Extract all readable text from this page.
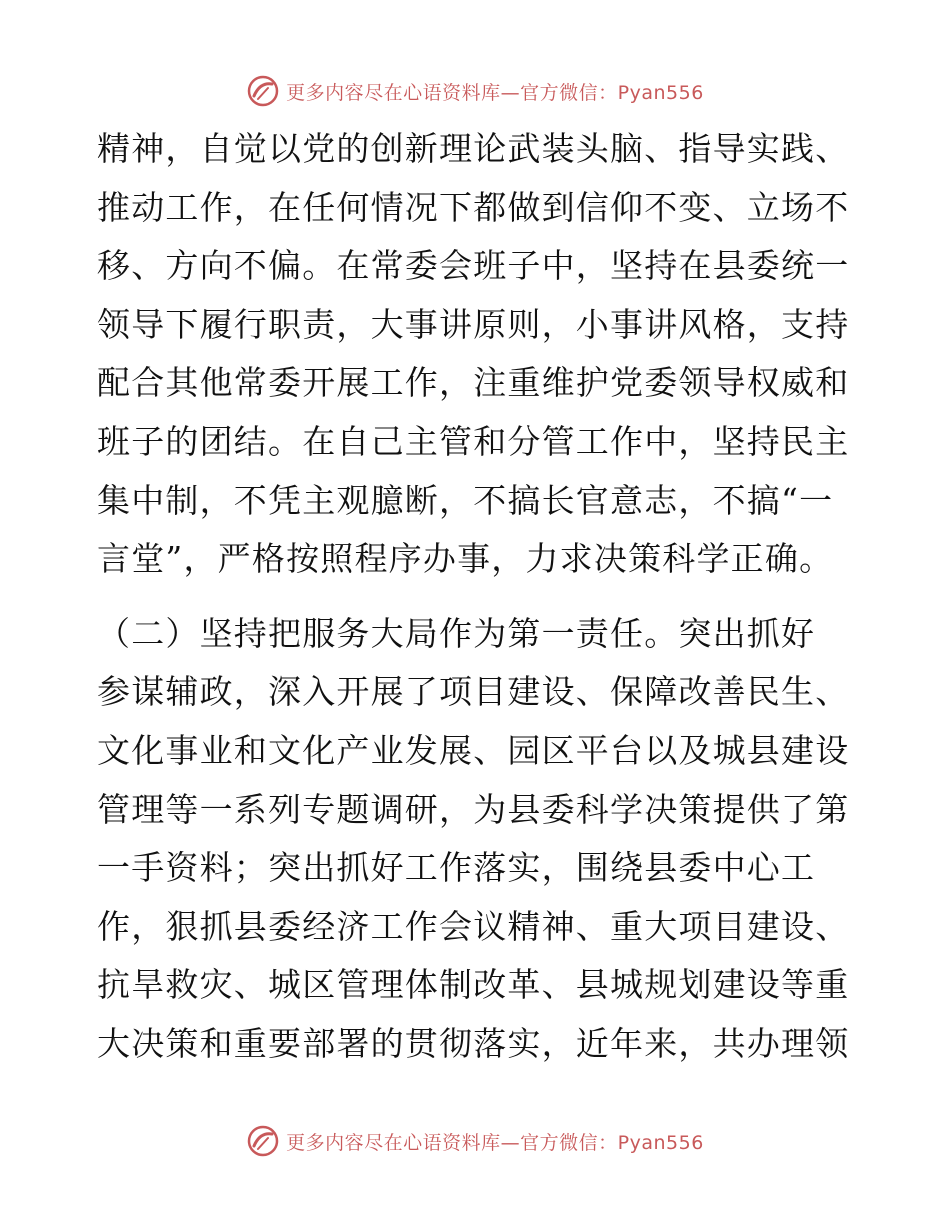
更多内容尽在心语资料库—官方微信：Pyan556
精神，自觉以党的创新理论武装头脑、指导实践、
推动工作，在任何情况下都做到信仰不变、立场不
移、方向不偏。在常委会班子中，坚持在县委统一
领导下履行职责，大事讲原则，小事讲风格，支持
配合其他常委开展工作，注重维护党委领导权威和
班子的团结。在自己主管和分管工作中，坚持民主
集中制，不凭主观臆断，不搞长官意志，不搞“一
言堂”，严格按照程序办事，力求决策科学正确。
（二）坚持把服务大局作为第一责任。突出抓好
参谋辅政，深入开展了项目建设、保障改善民生、
文化事业和文化产业发展、园区平台以及城县建设
管理等一系列专题调研，为县委科学决策提供了第
一手资料；突出抓好工作落实，围绕县委中心工
作，狠抓县委经济工作会议精神、重大项目建设、
抗旱救灾、城区管理体制改革、县城规划建设等重
大决策和重要部署的贯彻落实，近年来，共办理领
更多内容尽在心语资料库—官方微信：Pyan556
